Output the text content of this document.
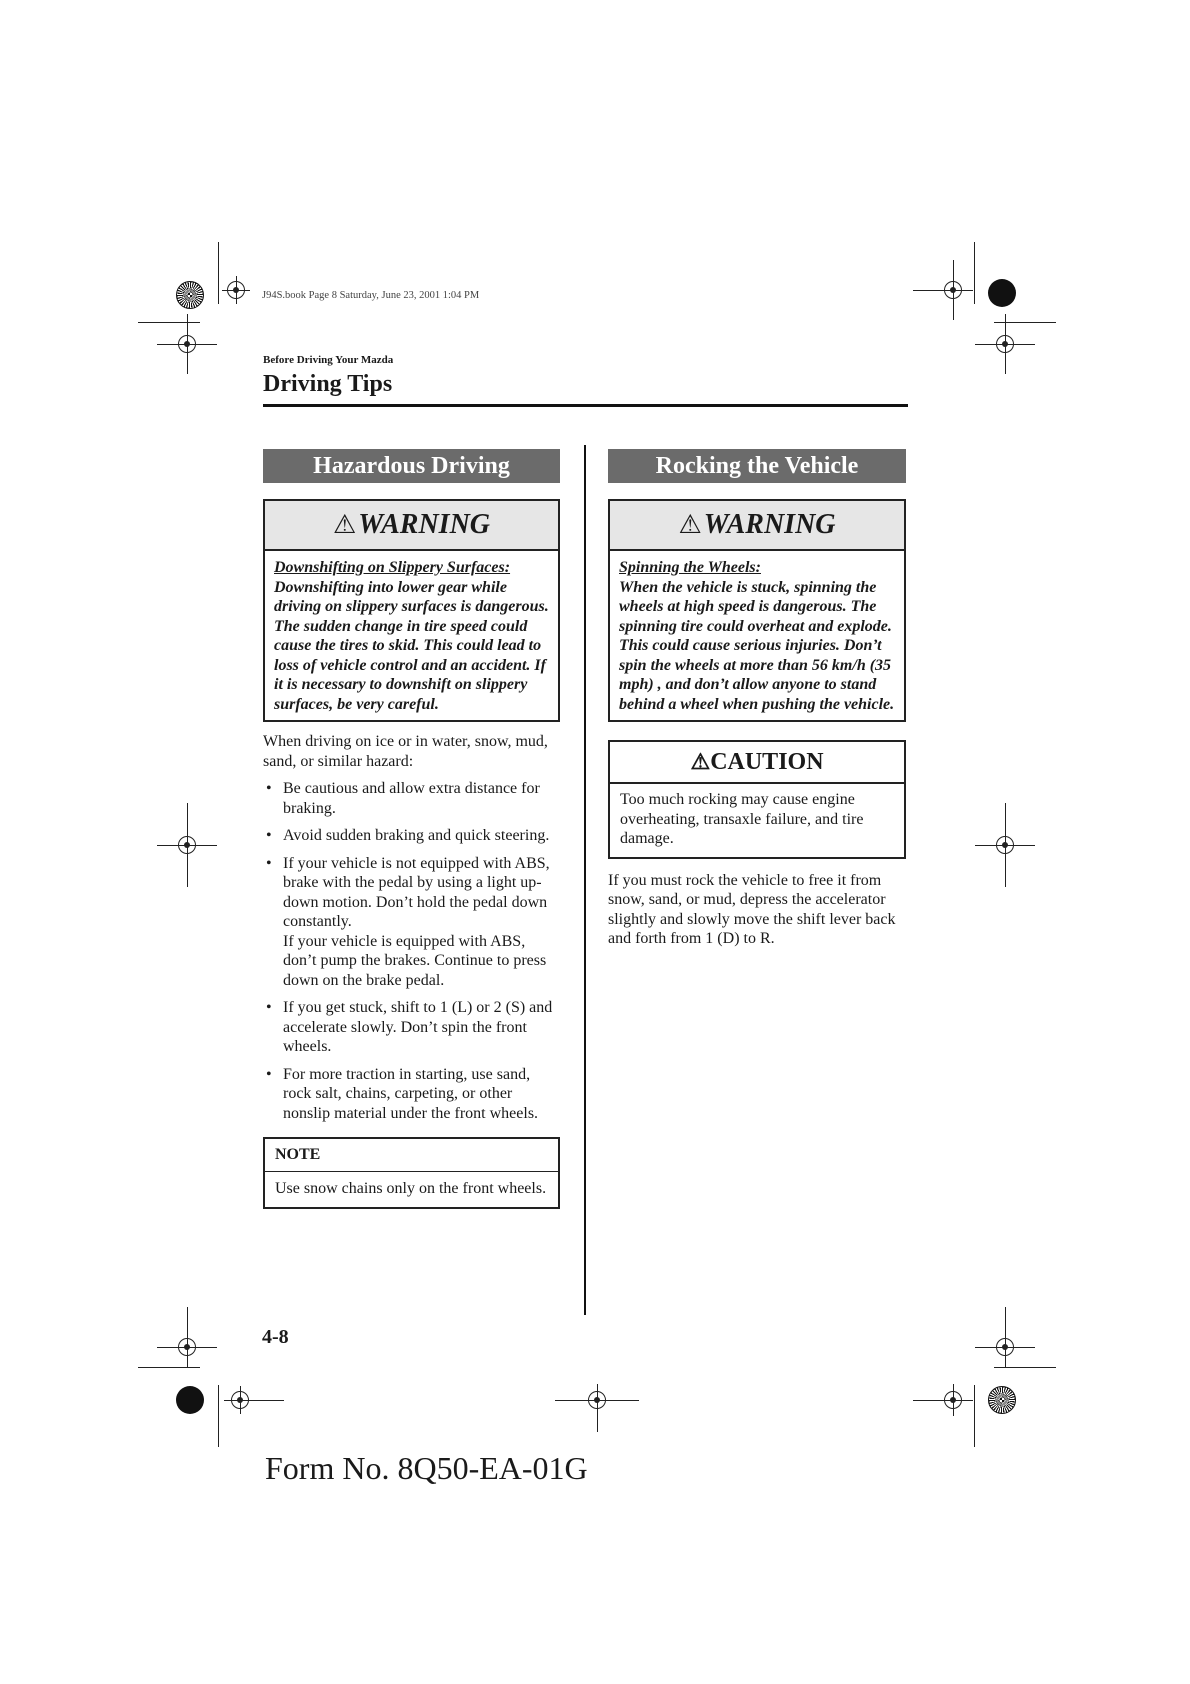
J94S.book Page 8 Saturday, June 23, 2001 1:04 PM
Before Driving Your Mazda
Driving Tips
Hazardous Driving
⚠WARNING
Downshifting on Slippery Surfaces:
Downshifting into lower gear while driving on slippery surfaces is dangerous. The sudden change in tire speed could cause the tires to skid. This could lead to loss of vehicle control and an accident. If it is necessary to downshift on slippery surfaces, be very careful.
When driving on ice or in water, snow, mud, sand, or similar hazard:
• Be cautious and allow extra distance for braking.
• Avoid sudden braking and quick steering.
• If your vehicle is not equipped with ABS, brake with the pedal by using a light up-down motion. Don’t hold the pedal down constantly.
If your vehicle is equipped with ABS, don’t pump the brakes. Continue to press down on the brake pedal.
• If you get stuck, shift to 1 (L) or 2 (S) and accelerate slowly. Don’t spin the front wheels.
• For more traction in starting, use sand, rock salt, chains, carpeting, or other nonslip material under the front wheels.
NOTE
Use snow chains only on the front wheels.
Rocking the Vehicle
⚠WARNING
Spinning the Wheels:
When the vehicle is stuck, spinning the wheels at high speed is dangerous. The spinning tire could overheat and explode. This could cause serious injuries. Don’t spin the wheels at more than 56 km/h (35 mph) , and don’t allow anyone to stand behind a wheel when pushing the vehicle.
⚠CAUTION
Too much rocking may cause engine overheating, transaxle failure, and tire damage.
If you must rock the vehicle to free it from snow, sand, or mud, depress the accelerator slightly and slowly move the shift lever back and forth from 1 (D) to R.
4-8
Form No. 8Q50-EA-01G
